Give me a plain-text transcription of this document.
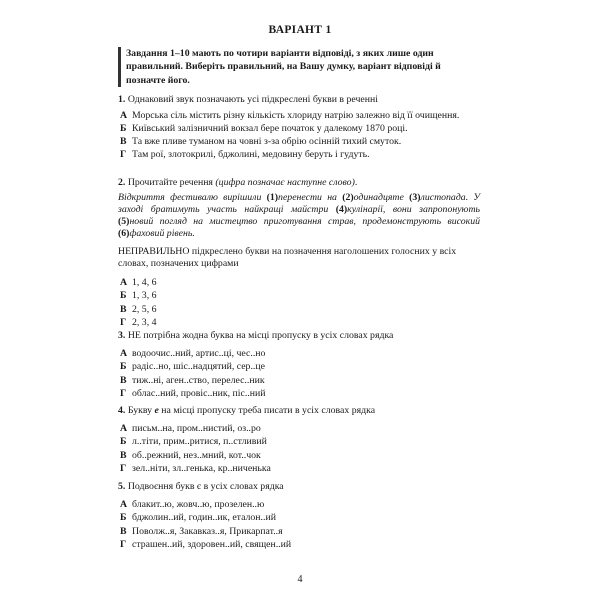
ВАРІАНТ 1
Завдання 1–10 мають по чотири варіанти відповіді, з яких лише один правильний. Виберіть правильний, на Вашу думку, варіант відповіді й позначте його.
1. Однаковий звук позначають усі підкреслені букви в реченні
А Морська сіль містить різну кількість хлориду натрію залежно від її очищення.
Б Київський залізничний вокзал бере початок у далекому 1870 році.
В Та вже пливе туманом на човні з-за обрію осінній тихий смуток.
Г Там рої, злотокрилі, бджолині, медовину беруть і гудуть.
2. Прочитайте речення (цифра позначає наступне слово).
Відкриття фестивалю вирішили (1)перенести на (2)одинадцяте (3)листопада. У заході братимуть участь найкращі майстри (4)кулінарії, вони запропонують (5)новий погляд на мистецтво приготування страв, продемонструють високий (6)фаховий рівень.
НЕПРАВИЛЬНО підкреслено букви на позначення наголошених голосних у всіх словах, позначених цифрами
А 1, 4, 6
Б 1, 3, 6
В 2, 5, 6
Г 2, 3, 4
3. НЕ потрібна жодна буква на місці пропуску в усіх словах рядка
А водоочис..ний, артис..ці, чес..но
Б радіс..но, шіс..надцятий, сер..це
В тиж..ні, аген..ство, перелес..ник
Г облас..ний, провіс..ник, піс..ний
4. Букву е на місці пропуску треба писати в усіх словах рядка
А письм..на, пром..нистий, оз..ро
Б л..тіти, прим..ритися, п..стливий
В об..режний, нез..мний, кот..чок
Г зел..ніти, зл..генька, кр..ниченька
5. Подвоєння букв є в усіх словах рядка
А блакит..ю, жовч..ю, прозелен..ю
Б бджолин..ий, годин..ик, еталон..ий
В Поволж..я, Закавказ..я, Прикарпат..я
Г страшен..ий, здоровен..ий, священ..ий
4
